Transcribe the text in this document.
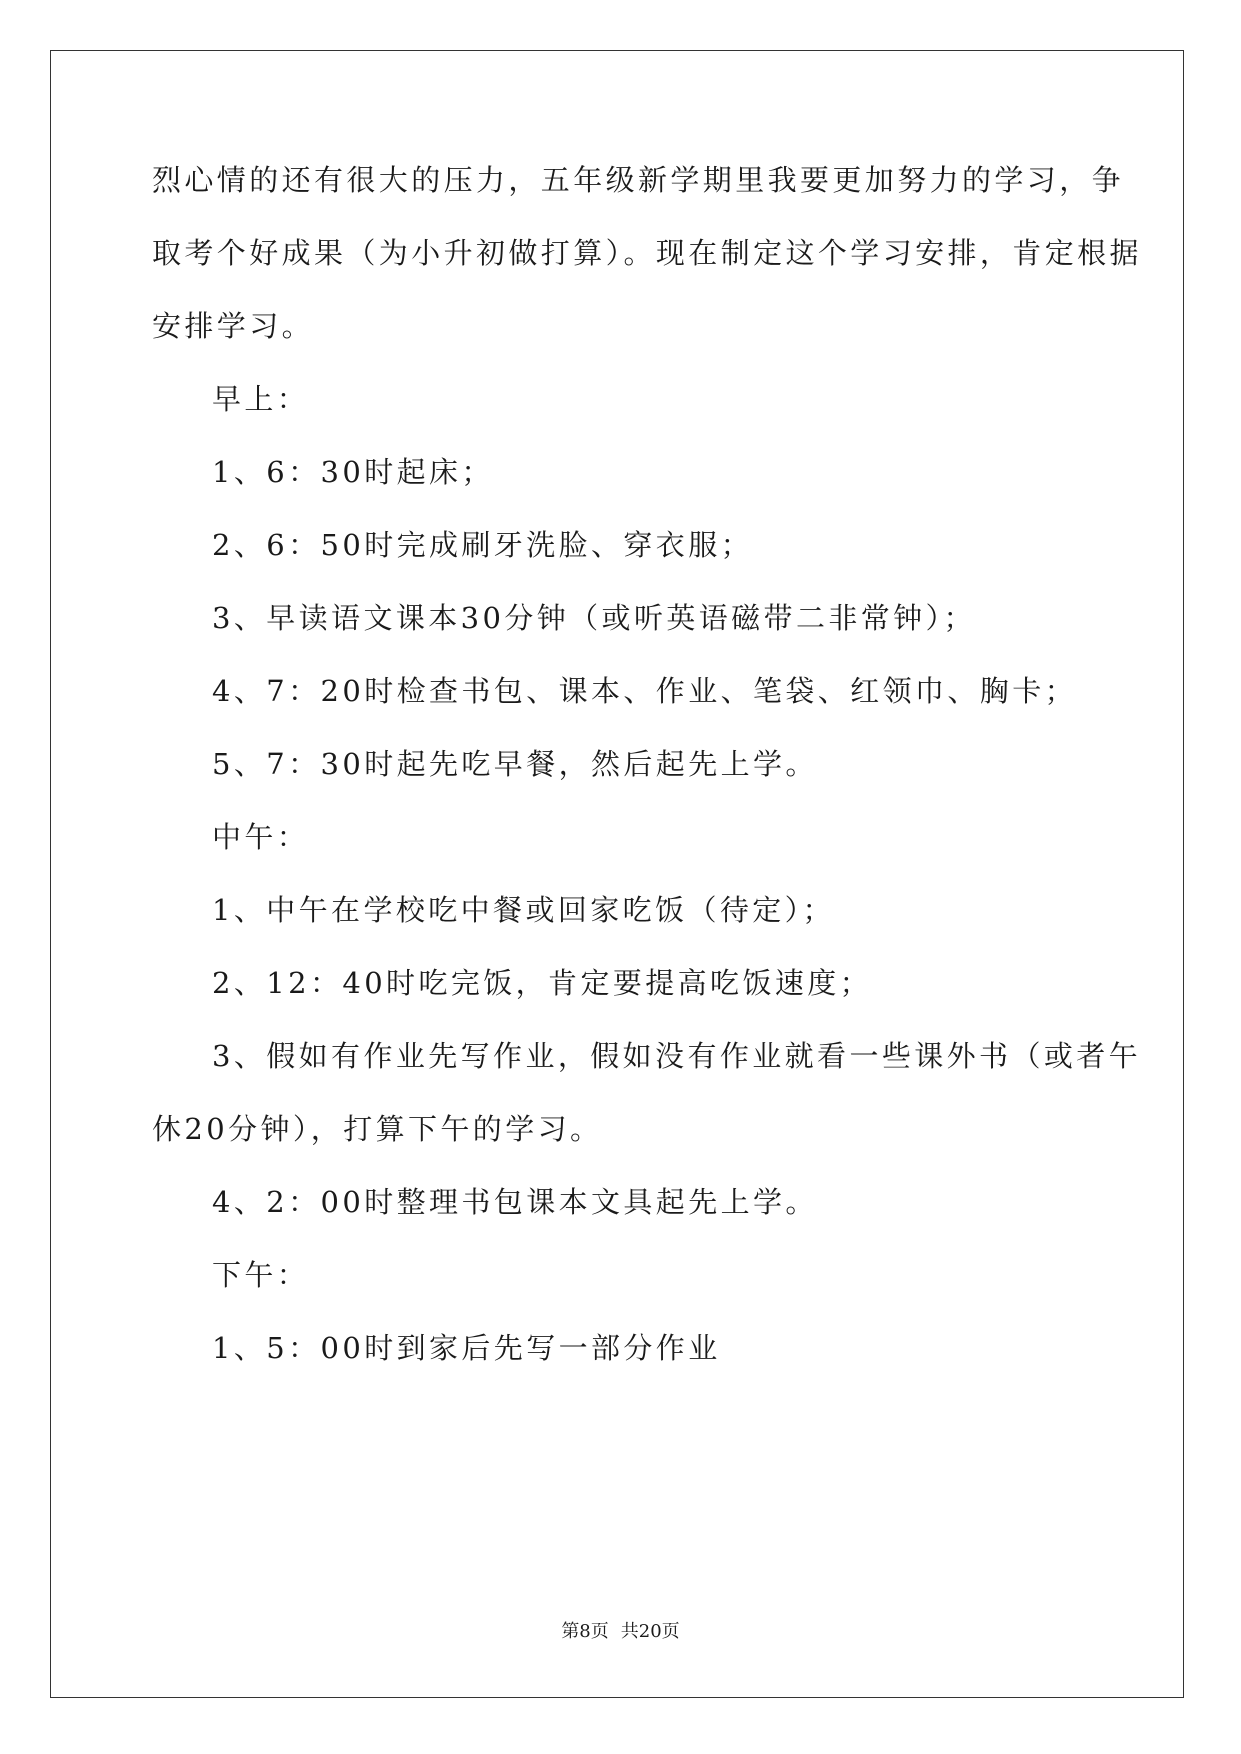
烈心情的还有很大的压力，五年级新学期里我要更加努力的学习，争
取考个好成果（为小升初做打算）。现在制定这个学习安排，肯定根据
安排学习。
早上：
1、6：30时起床；
2、6：50时完成刷牙洗脸、穿衣服；
3、早读语文课本30分钟（或听英语磁带二非常钟）；
4、7：20时检查书包、课本、作业、笔袋、红领巾、胸卡；
5、7：30时起先吃早餐，然后起先上学。
中午：
1、中午在学校吃中餐或回家吃饭（待定）；
2、12：40时吃完饭，肯定要提高吃饭速度；
3、假如有作业先写作业，假如没有作业就看一些课外书（或者午
休20分钟），打算下午的学习。
4、2：00时整理书包课本文具起先上学。
下午：
1、5：00时到家后先写一部分作业
第8页 共20页
